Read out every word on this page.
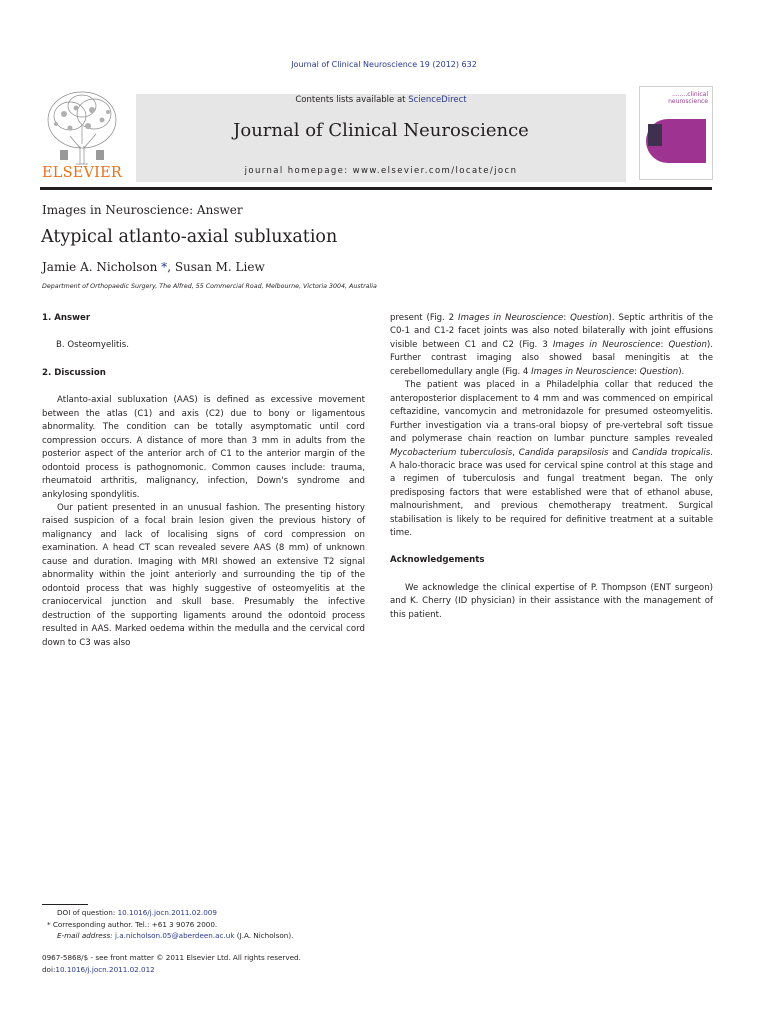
Journal of Clinical Neuroscience 19 (2012) 632
ELSEVIER
Contents lists available at ScienceDirect
Journal of Clinical Neuroscience
journal homepage: www.elsevier.com/locate/jocn
........clinical
neuroscience
Images in Neuroscience: Answer
Atypical atlanto-axial subluxation
Jamie A. Nicholson *, Susan M. Liew
Department of Orthopaedic Surgery, The Alfred, 55 Commercial Road, Melbourne, Victoria 3004, Australia
1. Answer
B. Osteomyelitis.
2. Discussion

Atlanto-axial subluxation (AAS) is defined as excessive movement between the atlas (C1) and axis (C2) due to bony or ligamentous abnormality. The condition can be totally asymptomatic until cord compression occurs. A distance of more than 3 mm in adults from the posterior aspect of the anterior arch of C1 to the anterior margin of the odontoid process is pathognomonic. Common causes include: trauma, rheumatoid arthritis, malignancy, infection, Down's syndrome and ankylosing spondylitis.

Our patient presented in an unusual fashion. The presenting history raised suspicion of a focal brain lesion given the previous history of malignancy and lack of localising signs of cord compression on examination. A head CT scan revealed severe AAS (8 mm) of unknown cause and duration. Imaging with MRI showed an extensive T2 signal abnormality within the joint anteriorly and surrounding the tip of the odontoid process that was highly suggestive of osteomyelitis at the craniocervical junction and skull base. Presumably the infective destruction of the supporting ligaments around the odontoid process resulted in AAS. Marked oedema within the medulla and the cervical cord down to C3 was also

present (Fig. 2 Images in Neuroscience: Question). Septic arthritis of the C0-1 and C1-2 facet joints was also noted bilaterally with joint effusions visible between C1 and C2 (Fig. 3 Images in Neuroscience: Question). Further contrast imaging also showed basal meningitis at the cerebellomedullary angle (Fig. 4 Images in Neuroscience: Question).

The patient was placed in a Philadelphia collar that reduced the anteroposterior displacement to 4 mm and was commenced on empirical ceftazidine, vancomycin and metronidazole for presumed osteomyelitis. Further investigation via a trans-oral biopsy of pre-vertebral soft tissue and polymerase chain reaction on lumbar puncture samples revealed Mycobacterium tuberculosis, Candida parapsilosis and Candida tropicalis. A halo-thoracic brace was used for cervical spine control at this stage and a regimen of tuberculosis and fungal treatment began. The only predisposing factors that were established were that of ethanol abuse, malnourishment, and previous chemotherapy treatment. Surgical stabilisation is likely to be required for definitive treatment at a suitable time.

Acknowledgements

We acknowledge the clinical expertise of P. Thompson (ENT surgeon) and K. Cherry (ID physician) in their assistance with the management of this patient.

DOI of question: 10.1016/j.jocn.2011.02.009
* Corresponding author. Tel.: +61 3 9076 2000.
E-mail address: j.a.nicholson.05@aberdeen.ac.uk (J.A. Nicholson).
0967-5868/$ - see front matter © 2011 Elsevier Ltd. All rights reserved.
doi:10.1016/j.jocn.2011.02.012
